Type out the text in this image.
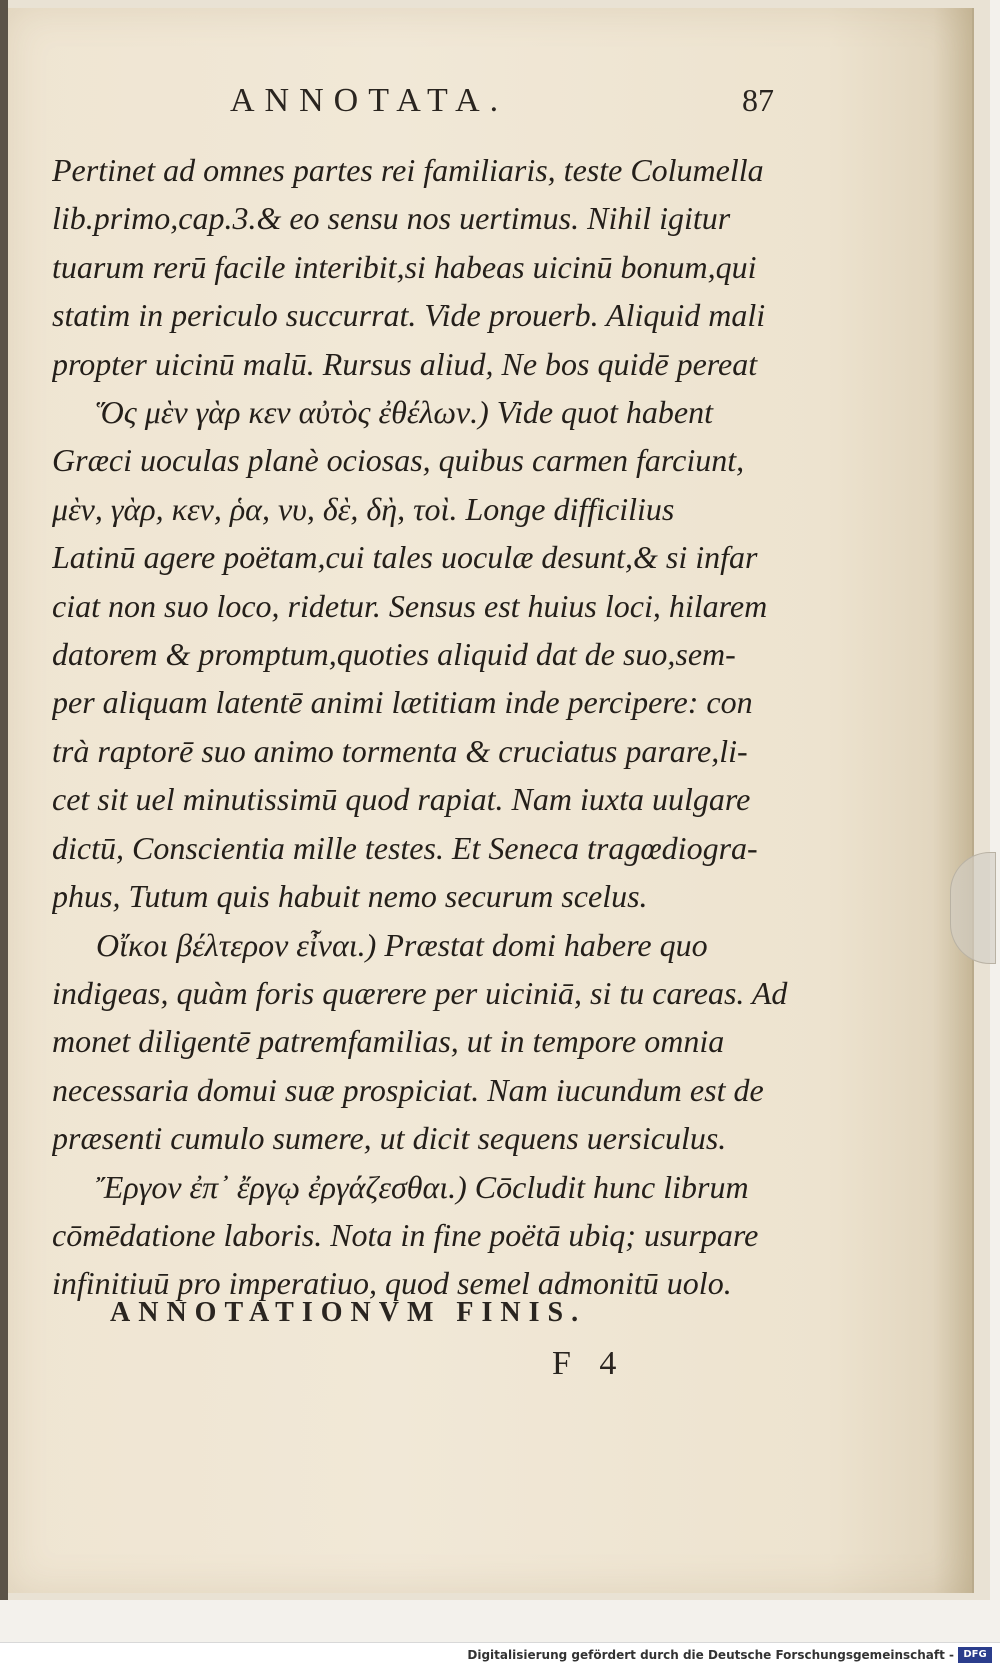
ANNOTATA.	87
Pertinet ad omnes partes rei familiaris, teste Columella
lib.primo,cap.3.& eo sensu nos uertimus. Nihil igitur
tuarum rerū facile interibit,si habeas uicinū bonum,qui
statim in periculo succurrat. Vide prouerb. Aliquid mali
propter uicinū malū. Rursus aliud, Ne bos quidē pereat
Ὅς μὲν γὰρ κεν αὐτὸς ἐθέλων.) Vide quot habent
Græci uoculas planè ociosas, quibus carmen farciunt,
μὲν, γὰρ, κεν, ῥα, νυ, δὲ, δὴ, τοὶ. Longe difficilius
Latinū agere poëtam,cui tales uoculæ desunt,& si infar
ciat non suo loco, ridetur. Sensus est huius loci, hilarem
datorem & promptum,quoties aliquid dat de suo,sem-
per aliquam latentē animi lætitiam inde percipere: con
trà raptorē suo animo tormenta & cruciatus parare,li-
cet sit uel minutissimū quod rapiat. Nam iuxta uulgare
dictū, Conscientia mille testes. Et Seneca tragœdiogra-
phus, Tutum quis habuit nemo securum scelus.
Οἴκοι βέλτερον εἶναι.) Præstat domi habere quo
indigeas, quàm foris quærere per uiciniā, si tu careas. Ad
monet diligentē patremfamilias, ut in tempore omnia
necessaria domui suæ prospiciat. Nam iucundum est de
præsenti cumulo sumere, ut dicit sequens uersiculus.
Ἔργον ἐπ᾽ ἔργῳ ἐργάζεσθαι.) Cōcludit hunc librum
cōmēdatione laboris. Nota in fine poëtā ubiq; usurpare
infinitiuū pro imperatiuo, quod semel admonitū uolo.
ANNOTATIONVM FINIS.
F 4
Digitalisierung gefördert durch die Deutsche Forschungsgemeinschaft - DFG
